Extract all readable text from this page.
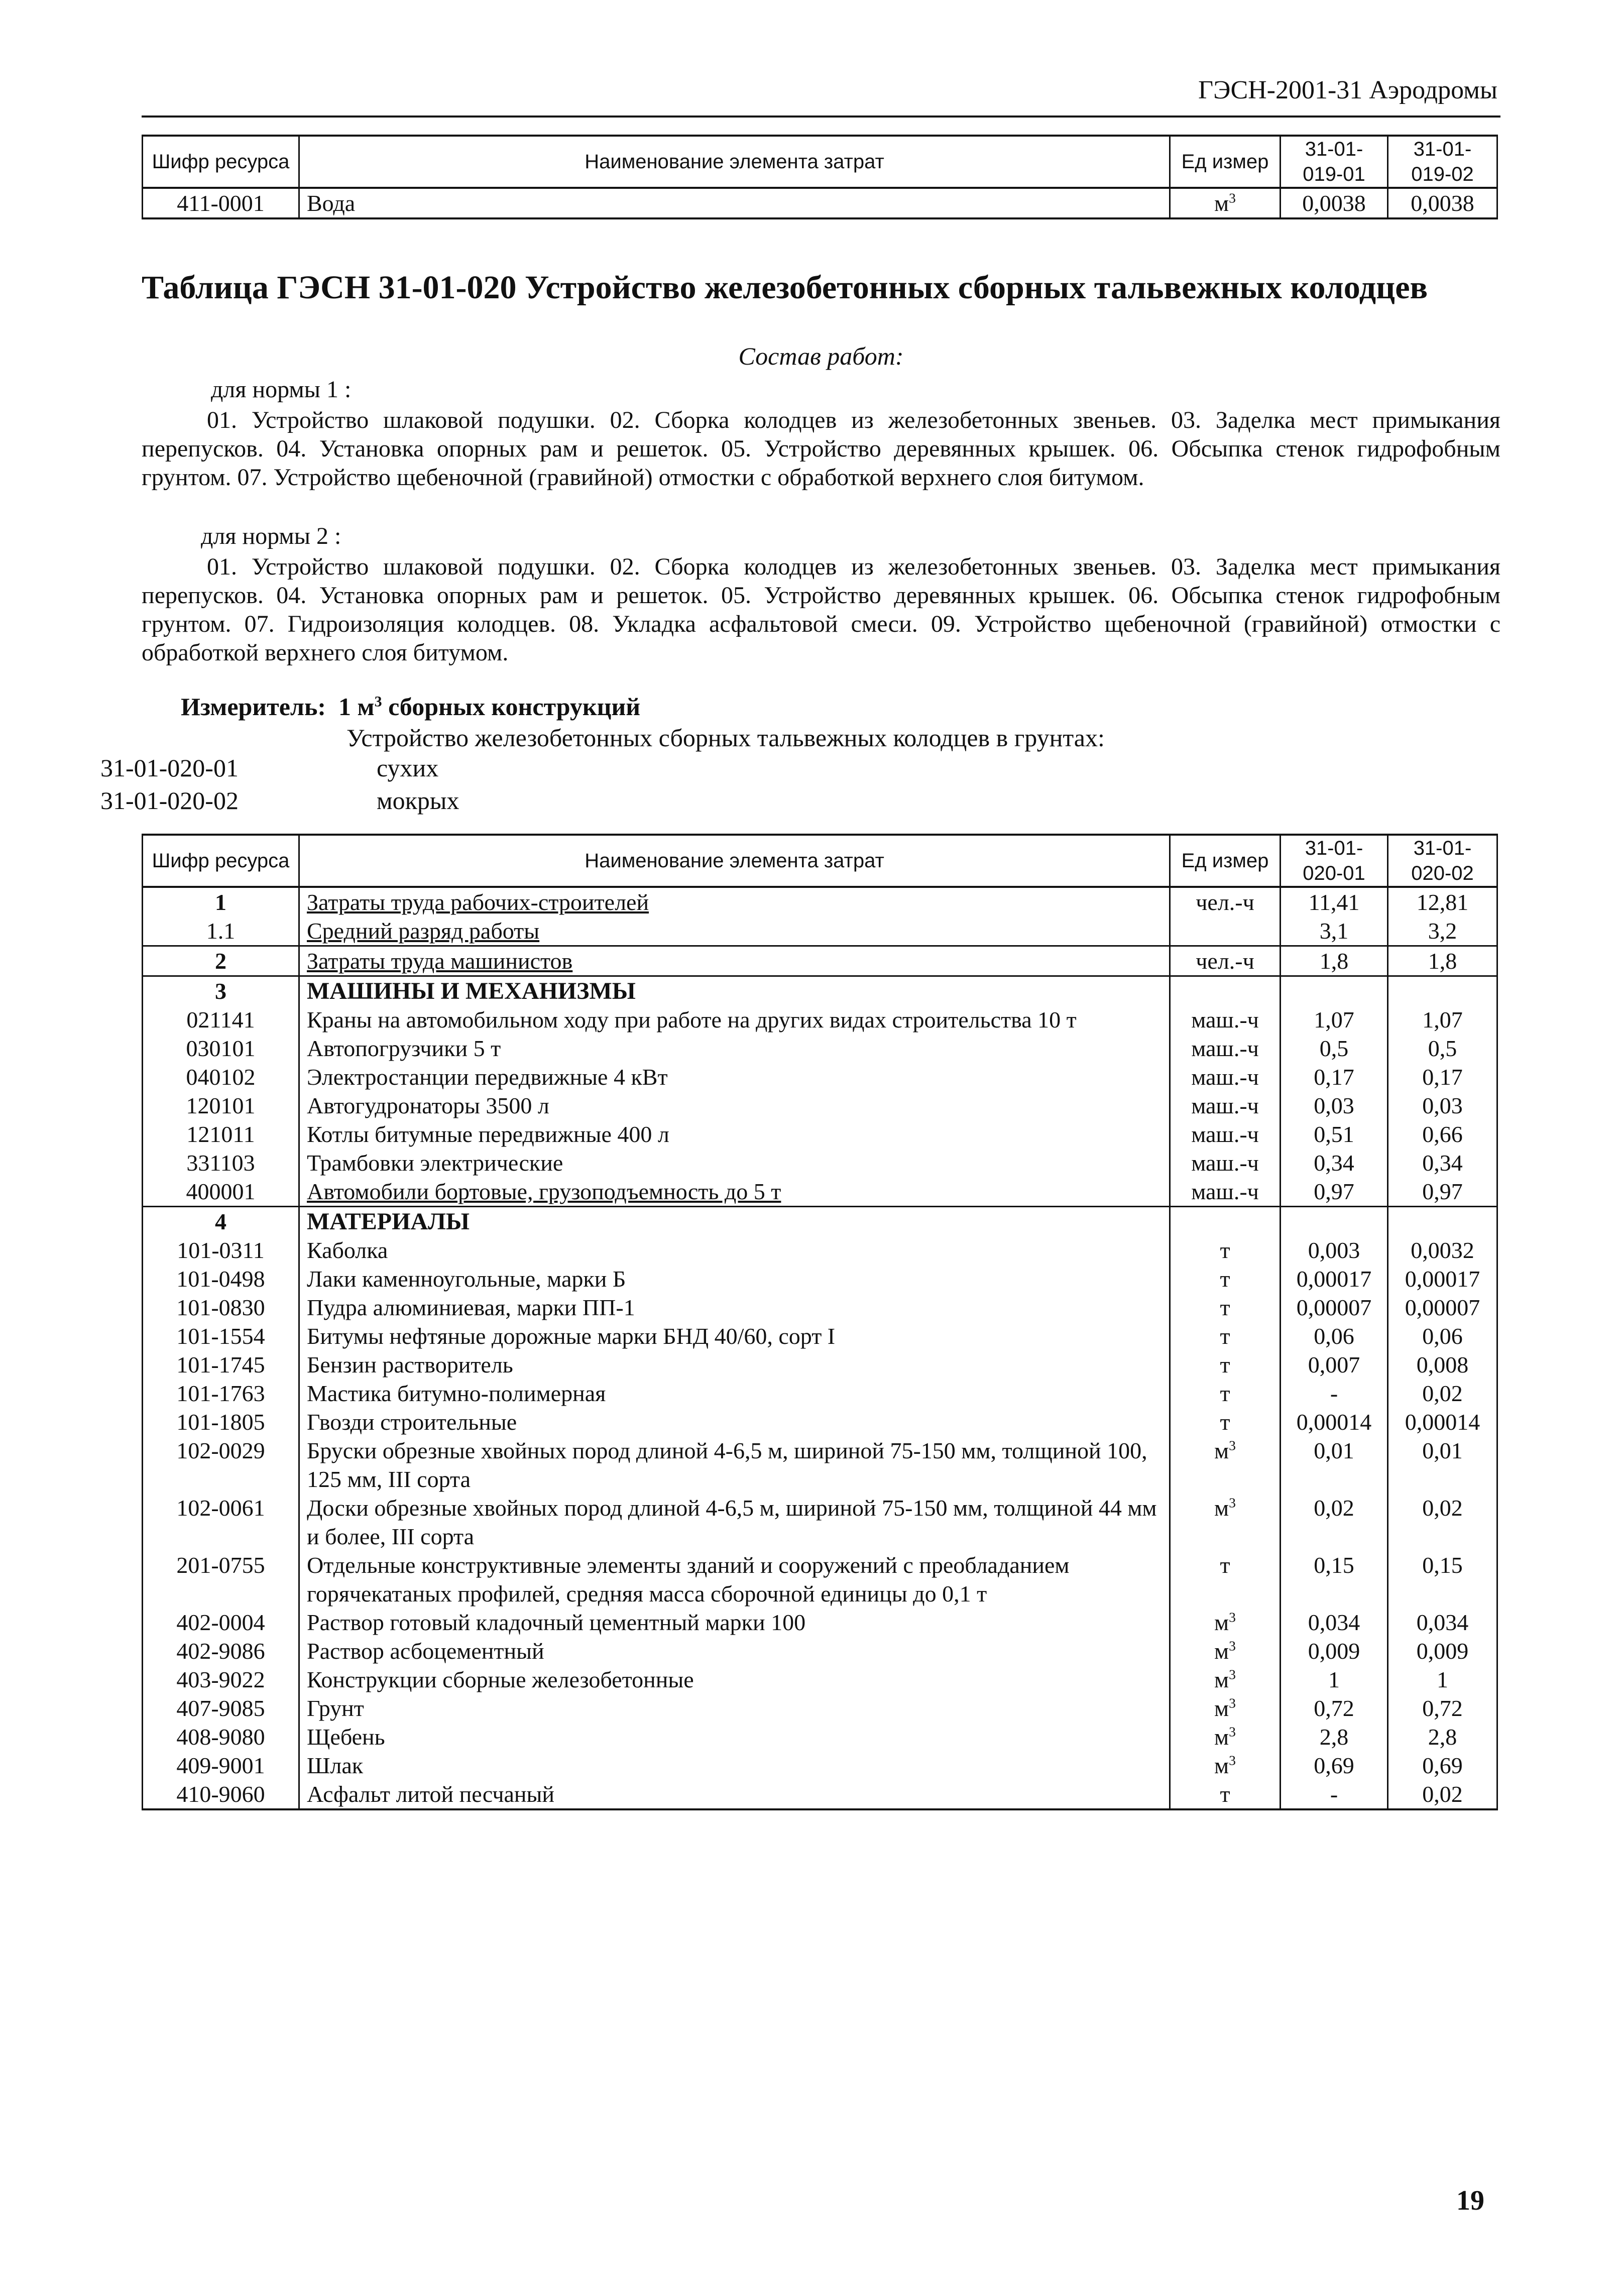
ГЭСН-2001-31 Аэродромы
Шифр ресурса	Наименование элемента затрат	Ед измер	31-01-019-01	31-01-019-02
411-0001	Вода	$м^3$	0,0038	0,0038
Таблица ГЭСН 31-01-020 Устройство железобетонных сборных тальвежных колодцев
Состав работ:
для нормы 1 :
01. Устройство шлаковой подушки. 02. Сборка колодцев из железобетонных звеньев. 03. Заделка мест примыкания перепусков. 04. Установка опорных рам и решеток. 05. Устройство деревянных крышек. 06. Обсыпка стенок гидрофобным грунтом. 07. Устройство щебеночной (гравийной) отмостки с обработкой верхнего слоя битумом.
для нормы 2 :
01. Устройство шлаковой подушки. 02. Сборка колодцев из железобетонных звеньев. 03. Заделка мест примыкания перепусков. 04. Установка опорных рам и решеток. 05. Устройство деревянных крышек. 06. Обсыпка стенок гидрофобным грунтом. 07. Гидроизоляция колодцев. 08. Укладка асфальтовой смеси. 09. Устройство щебеночной (гравийной) отмостки с обработкой верхнего слоя битумом.
Измеритель: 1 $м^3$ сборных конструкций
Устройство железобетонных сборных тальвежных колодцев в грунтах:
31-01-020-01	сухих
31-01-020-02	мокрых
Шифр ресурса	Наименование элемента затрат	Ед измер	31-01-020-01	31-01-020-02
1	Затраты труда рабочих-строителей	чел.-ч	11,41	12,81
1.1	Средний разряд работы		3,1	3,2
2	Затраты труда машинистов	чел.-ч	1,8	1,8
3	МАШИНЫ И МЕХАНИЗМЫ			
021141	Краны на автомобильном ходу при работе на других видах строительства 10 т	маш.-ч	1,07	1,07
030101	Автопогрузчики 5 т	маш.-ч	0,5	0,5
040102	Электростанции передвижные 4 кВт	маш.-ч	0,17	0,17
120101	Автогудронаторы 3500 л	маш.-ч	0,03	0,03
121011	Котлы битумные передвижные 400 л	маш.-ч	0,51	0,66
331103	Трамбовки электрические	маш.-ч	0,34	0,34
400001	Автомобили бортовые, грузоподъемность до 5 т	маш.-ч	0,97	0,97
4	МАТЕРИАЛЫ			
101-0311	Каболка	т	0,003	0,0032
101-0498	Лаки каменноугольные, марки Б	т	0,00017	0,00017
101-0830	Пудра алюминиевая, марки ПП-1	т	0,00007	0,00007
101-1554	Битумы нефтяные дорожные марки БНД 40/60, сорт I	т	0,06	0,06
101-1745	Бензин растворитель	т	0,007	0,008
101-1763	Мастика битумно-полимерная	т	-	0,02
101-1805	Гвозди строительные	т	0,00014	0,00014
102-0029	Бруски обрезные хвойных пород длиной 4-6,5 м, шириной 75-150 мм, толщиной 100, 125 мм, III сорта	$м^3$	0,01	0,01
102-0061	Доски обрезные хвойных пород длиной 4-6,5 м, шириной 75-150 мм, толщиной 44 мм и более, III сорта	$м^3$	0,02	0,02
201-0755	Отдельные конструктивные элементы зданий и сооружений с преобладанием горячекатаных профилей, средняя масса сборочной единицы до 0,1 т	т	0,15	0,15
402-0004	Раствор готовый кладочный цементный марки 100	$м^3$	0,034	0,034
402-9086	Раствор асбоцементный	$м^3$	0,009	0,009
403-9022	Конструкции сборные железобетонные	$м^3$	1	1
407-9085	Грунт	$м^3$	0,72	0,72
408-9080	Щебень	$м^3$	2,8	2,8
409-9001	Шлак	$м^3$	0,69	0,69
410-9060	Асфальт литой песчаный	т	-	0,02
19
